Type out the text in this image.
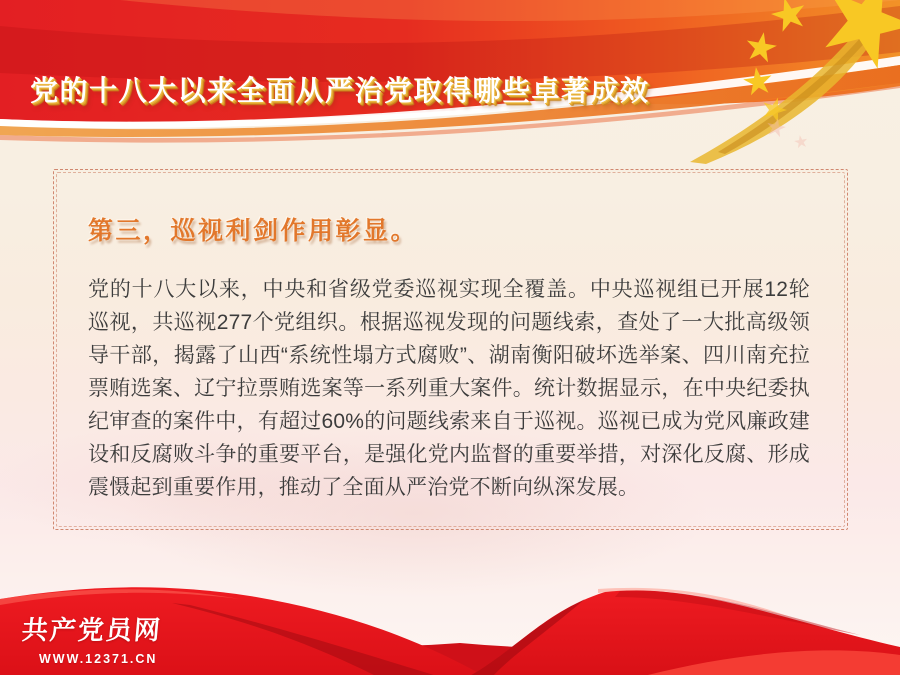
党的十八大以来全面从严治党取得哪些卓著成效
第三，巡视利剑作用彰显。

党的十八大以来，中央和省级党委巡视实现全覆盖。中央巡视组已开展12轮巡视，共巡视277个党组织。根据巡视发现的问题线索，查处了一大批高级领导干部，揭露了山西“系统性塌方式腐败”、湖南衡阳破坏选举案、四川南充拉票贿选案、辽宁拉票贿选案等一系列重大案件。统计数据显示，在中央纪委执纪审查的案件中，有超过60%的问题线索来自于巡视。巡视已成为党风廉政建设和反腐败斗争的重要平台，是强化党内监督的重要举措，对深化反腐、形成震慑起到重要作用，推动了全面从严治党不断向纵深发展。

共产党员网
WWW.12371.CN
